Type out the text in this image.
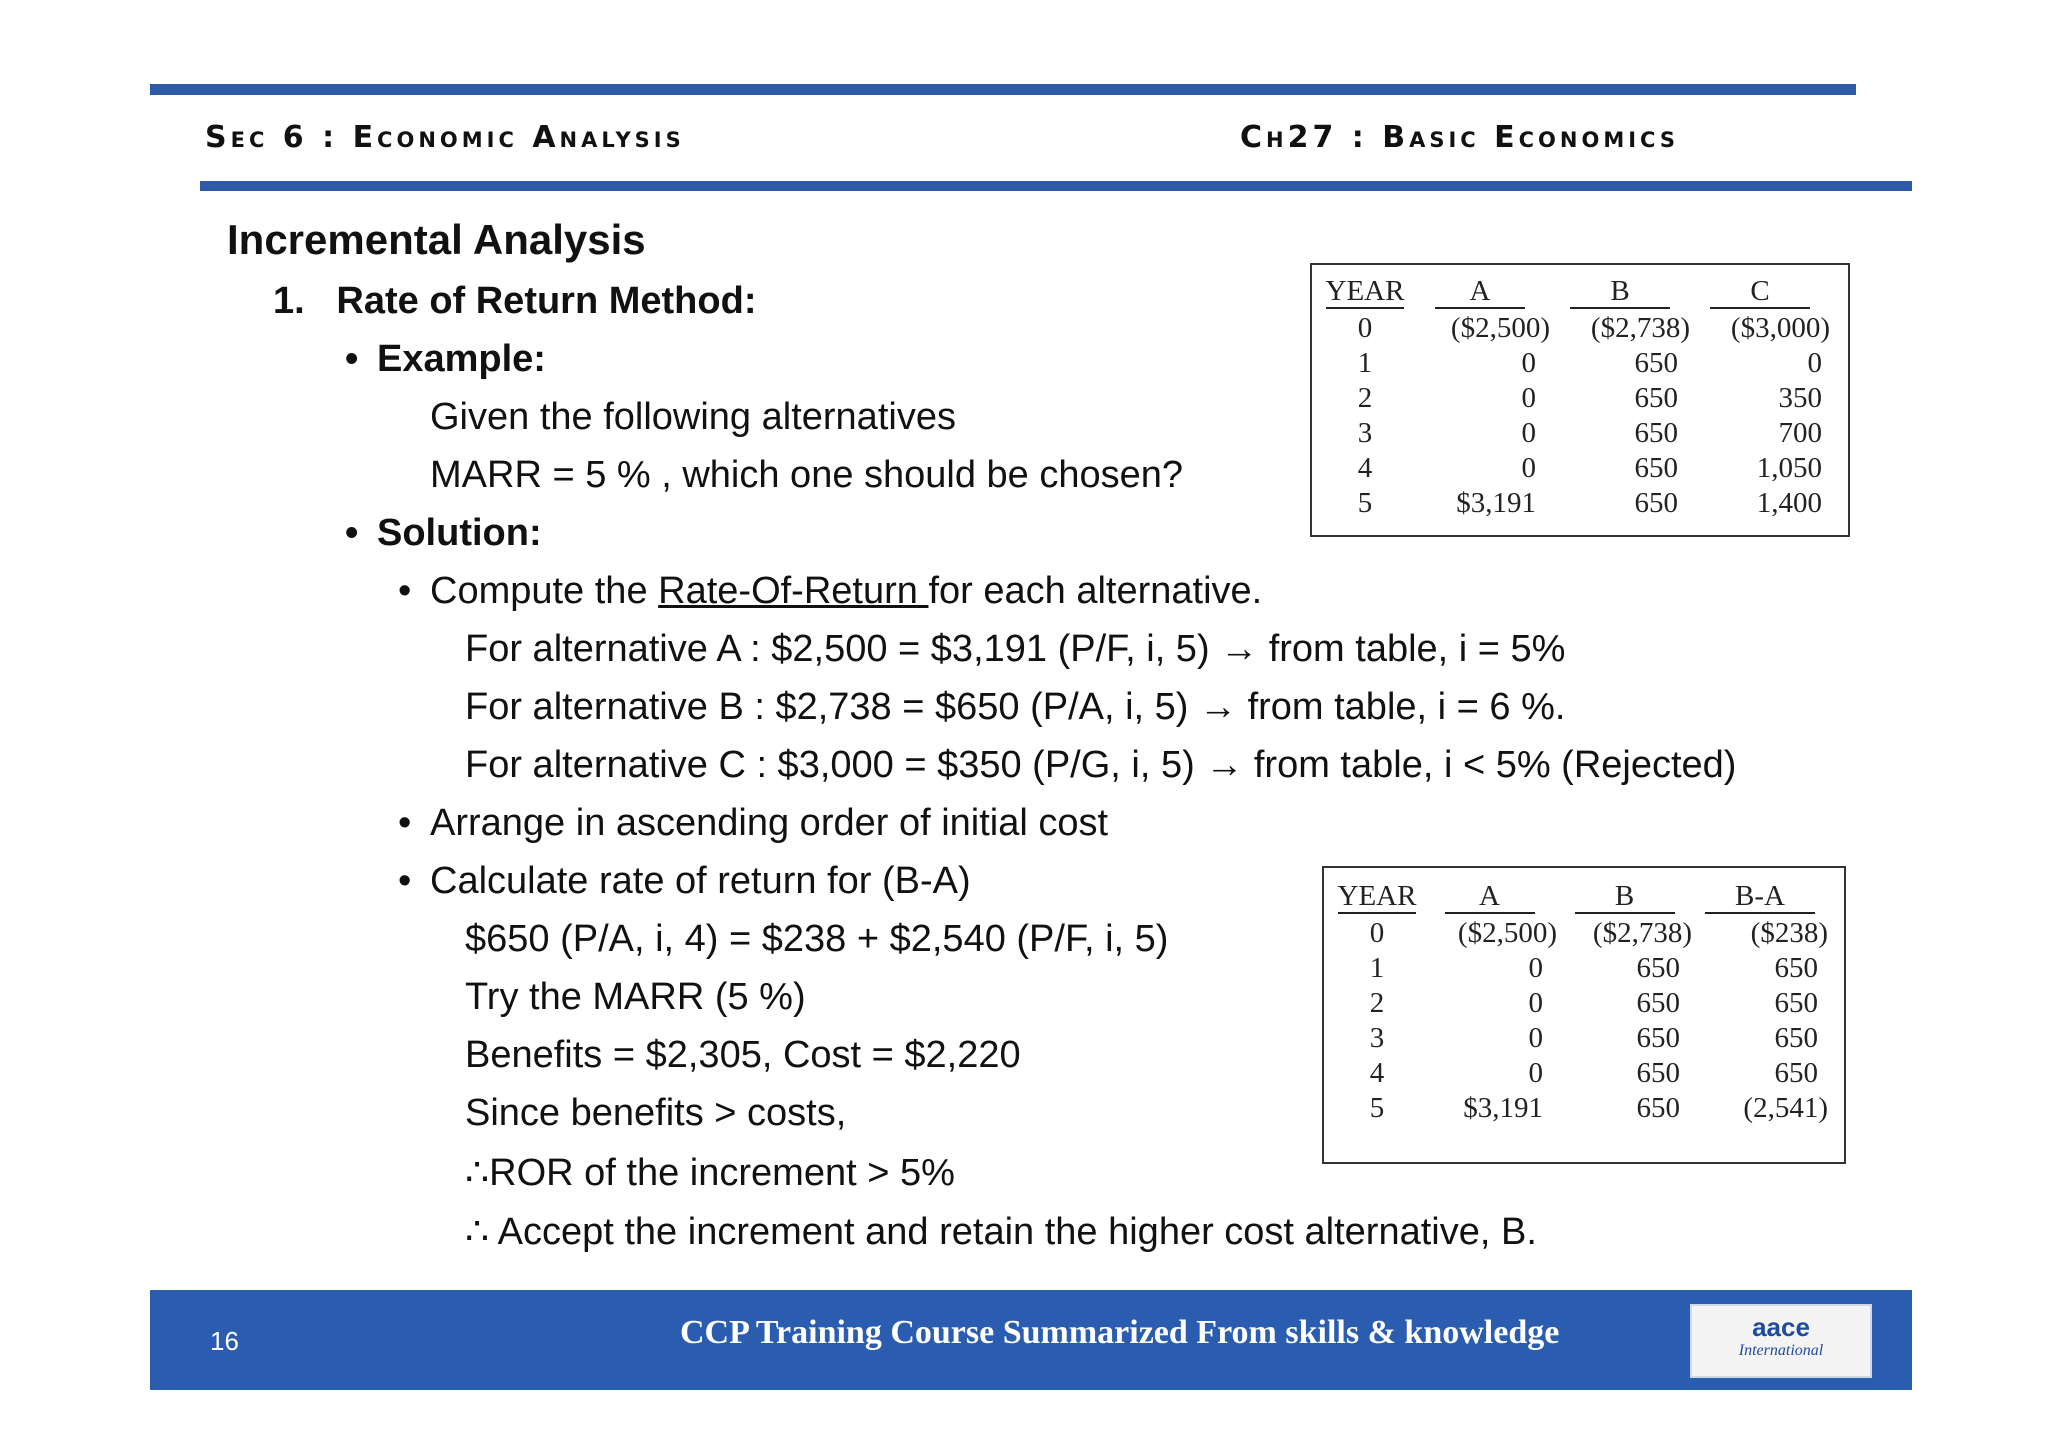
Sec 6 : Economic Analysis	Ch27 : Basic Economics
Incremental Analysis
1. Rate of Return Method:
• Example:
Given the following alternatives
MARR = 5 % , which one should be chosen?
• Solution:
• Compute the Rate-Of-Return for each alternative.
For alternative A : $2,500 = $3,191 (P/F, i, 5) → from table, i = 5%
For alternative B : $2,738 = $650 (P/A, i, 5) → from table, i = 6 %.
For alternative C : $3,000 = $350 (P/G, i, 5) → from table, i < 5% (Rejected)
• Arrange in ascending order of initial cost
• Calculate rate of return for (B-A)
$650 (P/A, i, 4) = $238 + $2,540 (P/F, i, 5)
Try the MARR (5 %)
Benefits = $2,305, Cost = $2,220
Since benefits > costs,
∴ROR of the increment > 5%
∴ Accept the increment and retain the higher cost alternative, B.
YEAR	A	B	C
0	($2,500)	($2,738)	($3,000)
1	0	650	0
2	0	650	350
3	0	650	700
4	0	650	1,050
5	$3,191	650	1,400
YEAR	A	B	B-A
0	($2,500)	($2,738)	($238)
1	0	650	650
2	0	650	650
3	0	650	650
4	0	650	650
5	$3,191	650	(2,541)
16	CCP Training Course Summarized From skills & knowledge	aace
International
